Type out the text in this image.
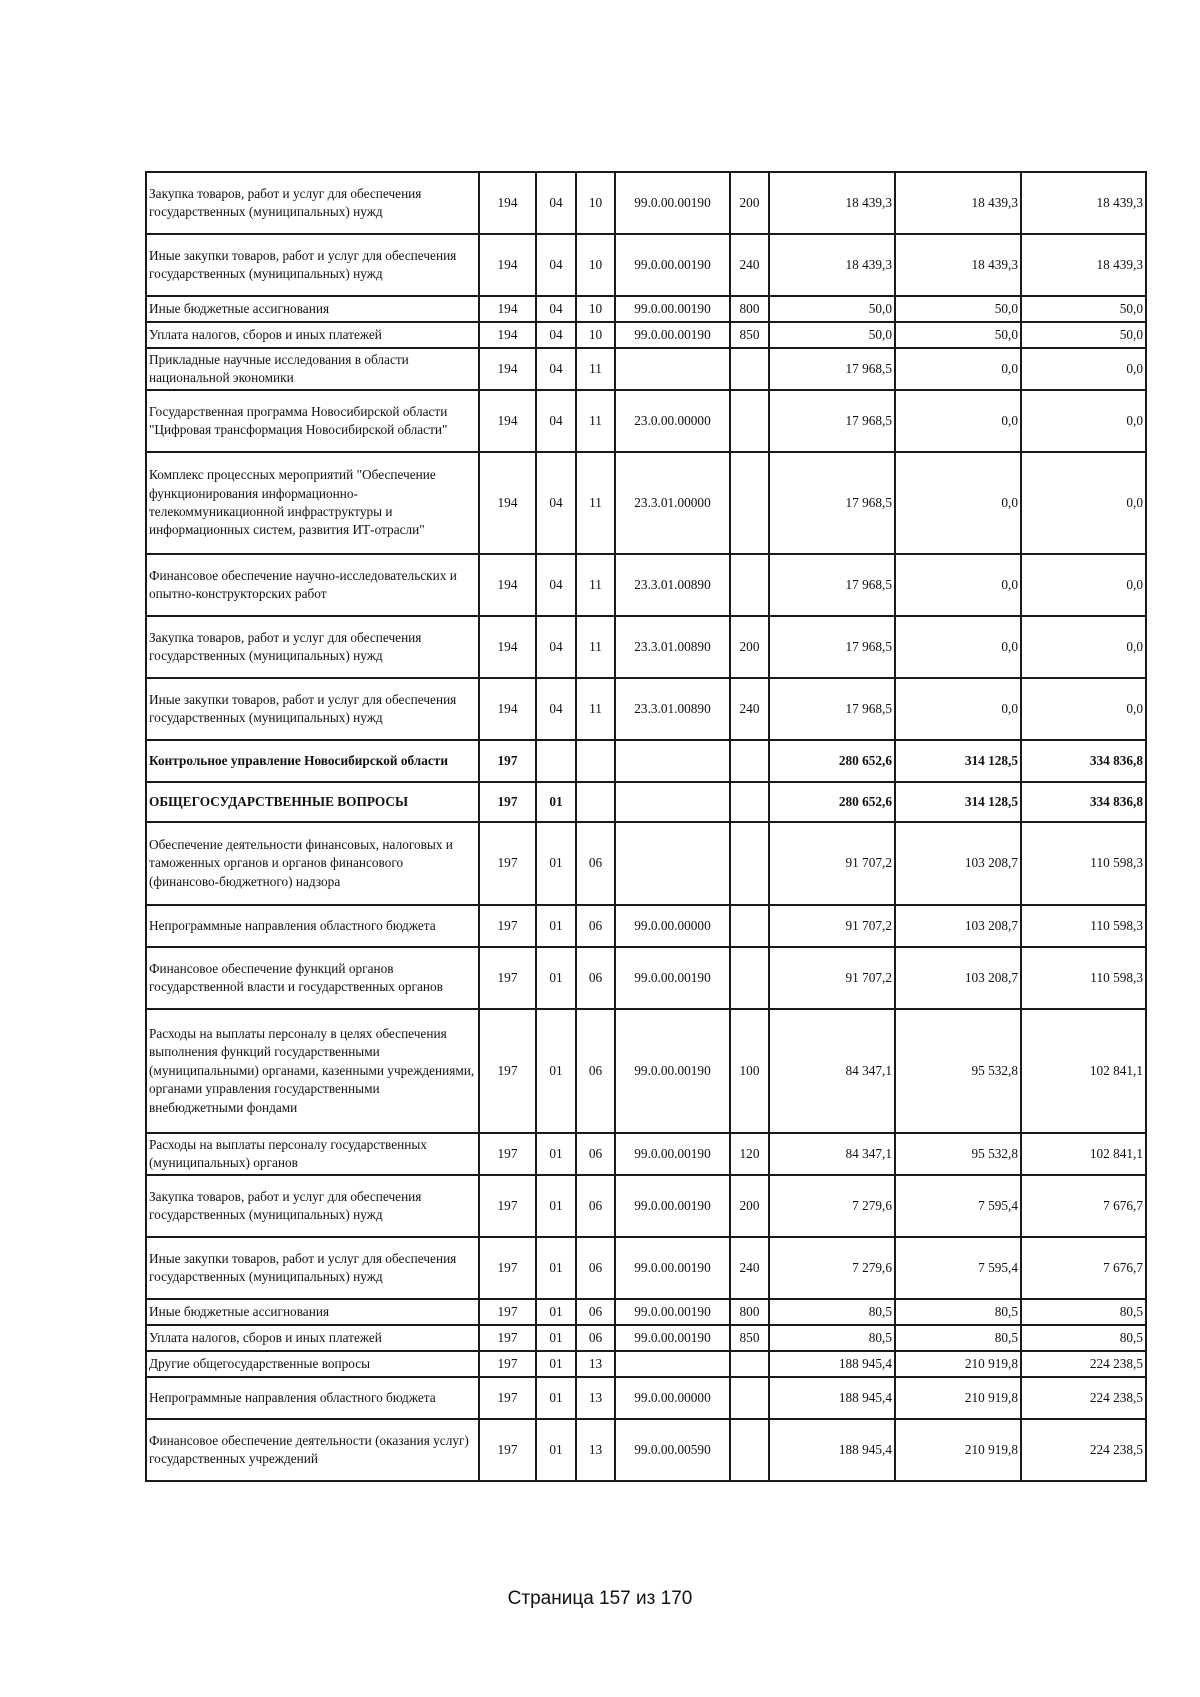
Закупка товаров, работ и услуг для обеспечения государственных (муниципальных) нужд	194	04	10	99.0.00.00190	200	18 439,3	18 439,3	18 439,3
Иные закупки товаров, работ и услуг для обеспечения государственных (муниципальных) нужд	194	04	10	99.0.00.00190	240	18 439,3	18 439,3	18 439,3
Иные бюджетные ассигнования	194	04	10	99.0.00.00190	800	50,0	50,0	50,0
Уплата налогов, сборов и иных платежей	194	04	10	99.0.00.00190	850	50,0	50,0	50,0
Прикладные научные исследования в области национальной экономики	194	04	11			17 968,5	0,0	0,0
Государственная программа Новосибирской области "Цифровая трансформация Новосибирской области"	194	04	11	23.0.00.00000		17 968,5	0,0	0,0
Комплекс процессных мероприятий "Обеспечение функционирования информационно-телекоммуникационной инфраструктуры и информационных систем, развития ИТ-отрасли"	194	04	11	23.3.01.00000		17 968,5	0,0	0,0
Финансовое обеспечение научно-исследовательских и опытно-конструкторских работ	194	04	11	23.3.01.00890		17 968,5	0,0	0,0
Закупка товаров, работ и услуг для обеспечения государственных (муниципальных) нужд	194	04	11	23.3.01.00890	200	17 968,5	0,0	0,0
Иные закупки товаров, работ и услуг для обеспечения государственных (муниципальных) нужд	194	04	11	23.3.01.00890	240	17 968,5	0,0	0,0
Контрольное управление Новосибирской области	197					280 652,6	314 128,5	334 836,8
ОБЩЕГОСУДАРСТВЕННЫЕ ВОПРОСЫ	197	01				280 652,6	314 128,5	334 836,8
Обеспечение деятельности финансовых, налоговых и таможенных органов и органов финансового (финансово-бюджетного) надзора	197	01	06			91 707,2	103 208,7	110 598,3
Непрограммные направления областного бюджета	197	01	06	99.0.00.00000		91 707,2	103 208,7	110 598,3
Финансовое обеспечение функций органов государственной власти и государственных органов	197	01	06	99.0.00.00190		91 707,2	103 208,7	110 598,3
Расходы на выплаты персоналу в целях обеспечения выполнения функций государственными (муниципальными) органами, казенными учреждениями, органами управления государственными внебюджетными фондами	197	01	06	99.0.00.00190	100	84 347,1	95 532,8	102 841,1
Расходы на выплаты персоналу государственных (муниципальных) органов	197	01	06	99.0.00.00190	120	84 347,1	95 532,8	102 841,1
Закупка товаров, работ и услуг для обеспечения государственных (муниципальных) нужд	197	01	06	99.0.00.00190	200	7 279,6	7 595,4	7 676,7
Иные закупки товаров, работ и услуг для обеспечения государственных (муниципальных) нужд	197	01	06	99.0.00.00190	240	7 279,6	7 595,4	7 676,7
Иные бюджетные ассигнования	197	01	06	99.0.00.00190	800	80,5	80,5	80,5
Уплата налогов, сборов и иных платежей	197	01	06	99.0.00.00190	850	80,5	80,5	80,5
Другие общегосударственные вопросы	197	01	13			188 945,4	210 919,8	224 238,5
Непрограммные направления областного бюджета	197	01	13	99.0.00.00000		188 945,4	210 919,8	224 238,5
Финансовое обеспечение деятельности (оказания услуг) государственных учреждений	197	01	13	99.0.00.00590		188 945,4	210 919,8	224 238,5
Страница 157 из 170
